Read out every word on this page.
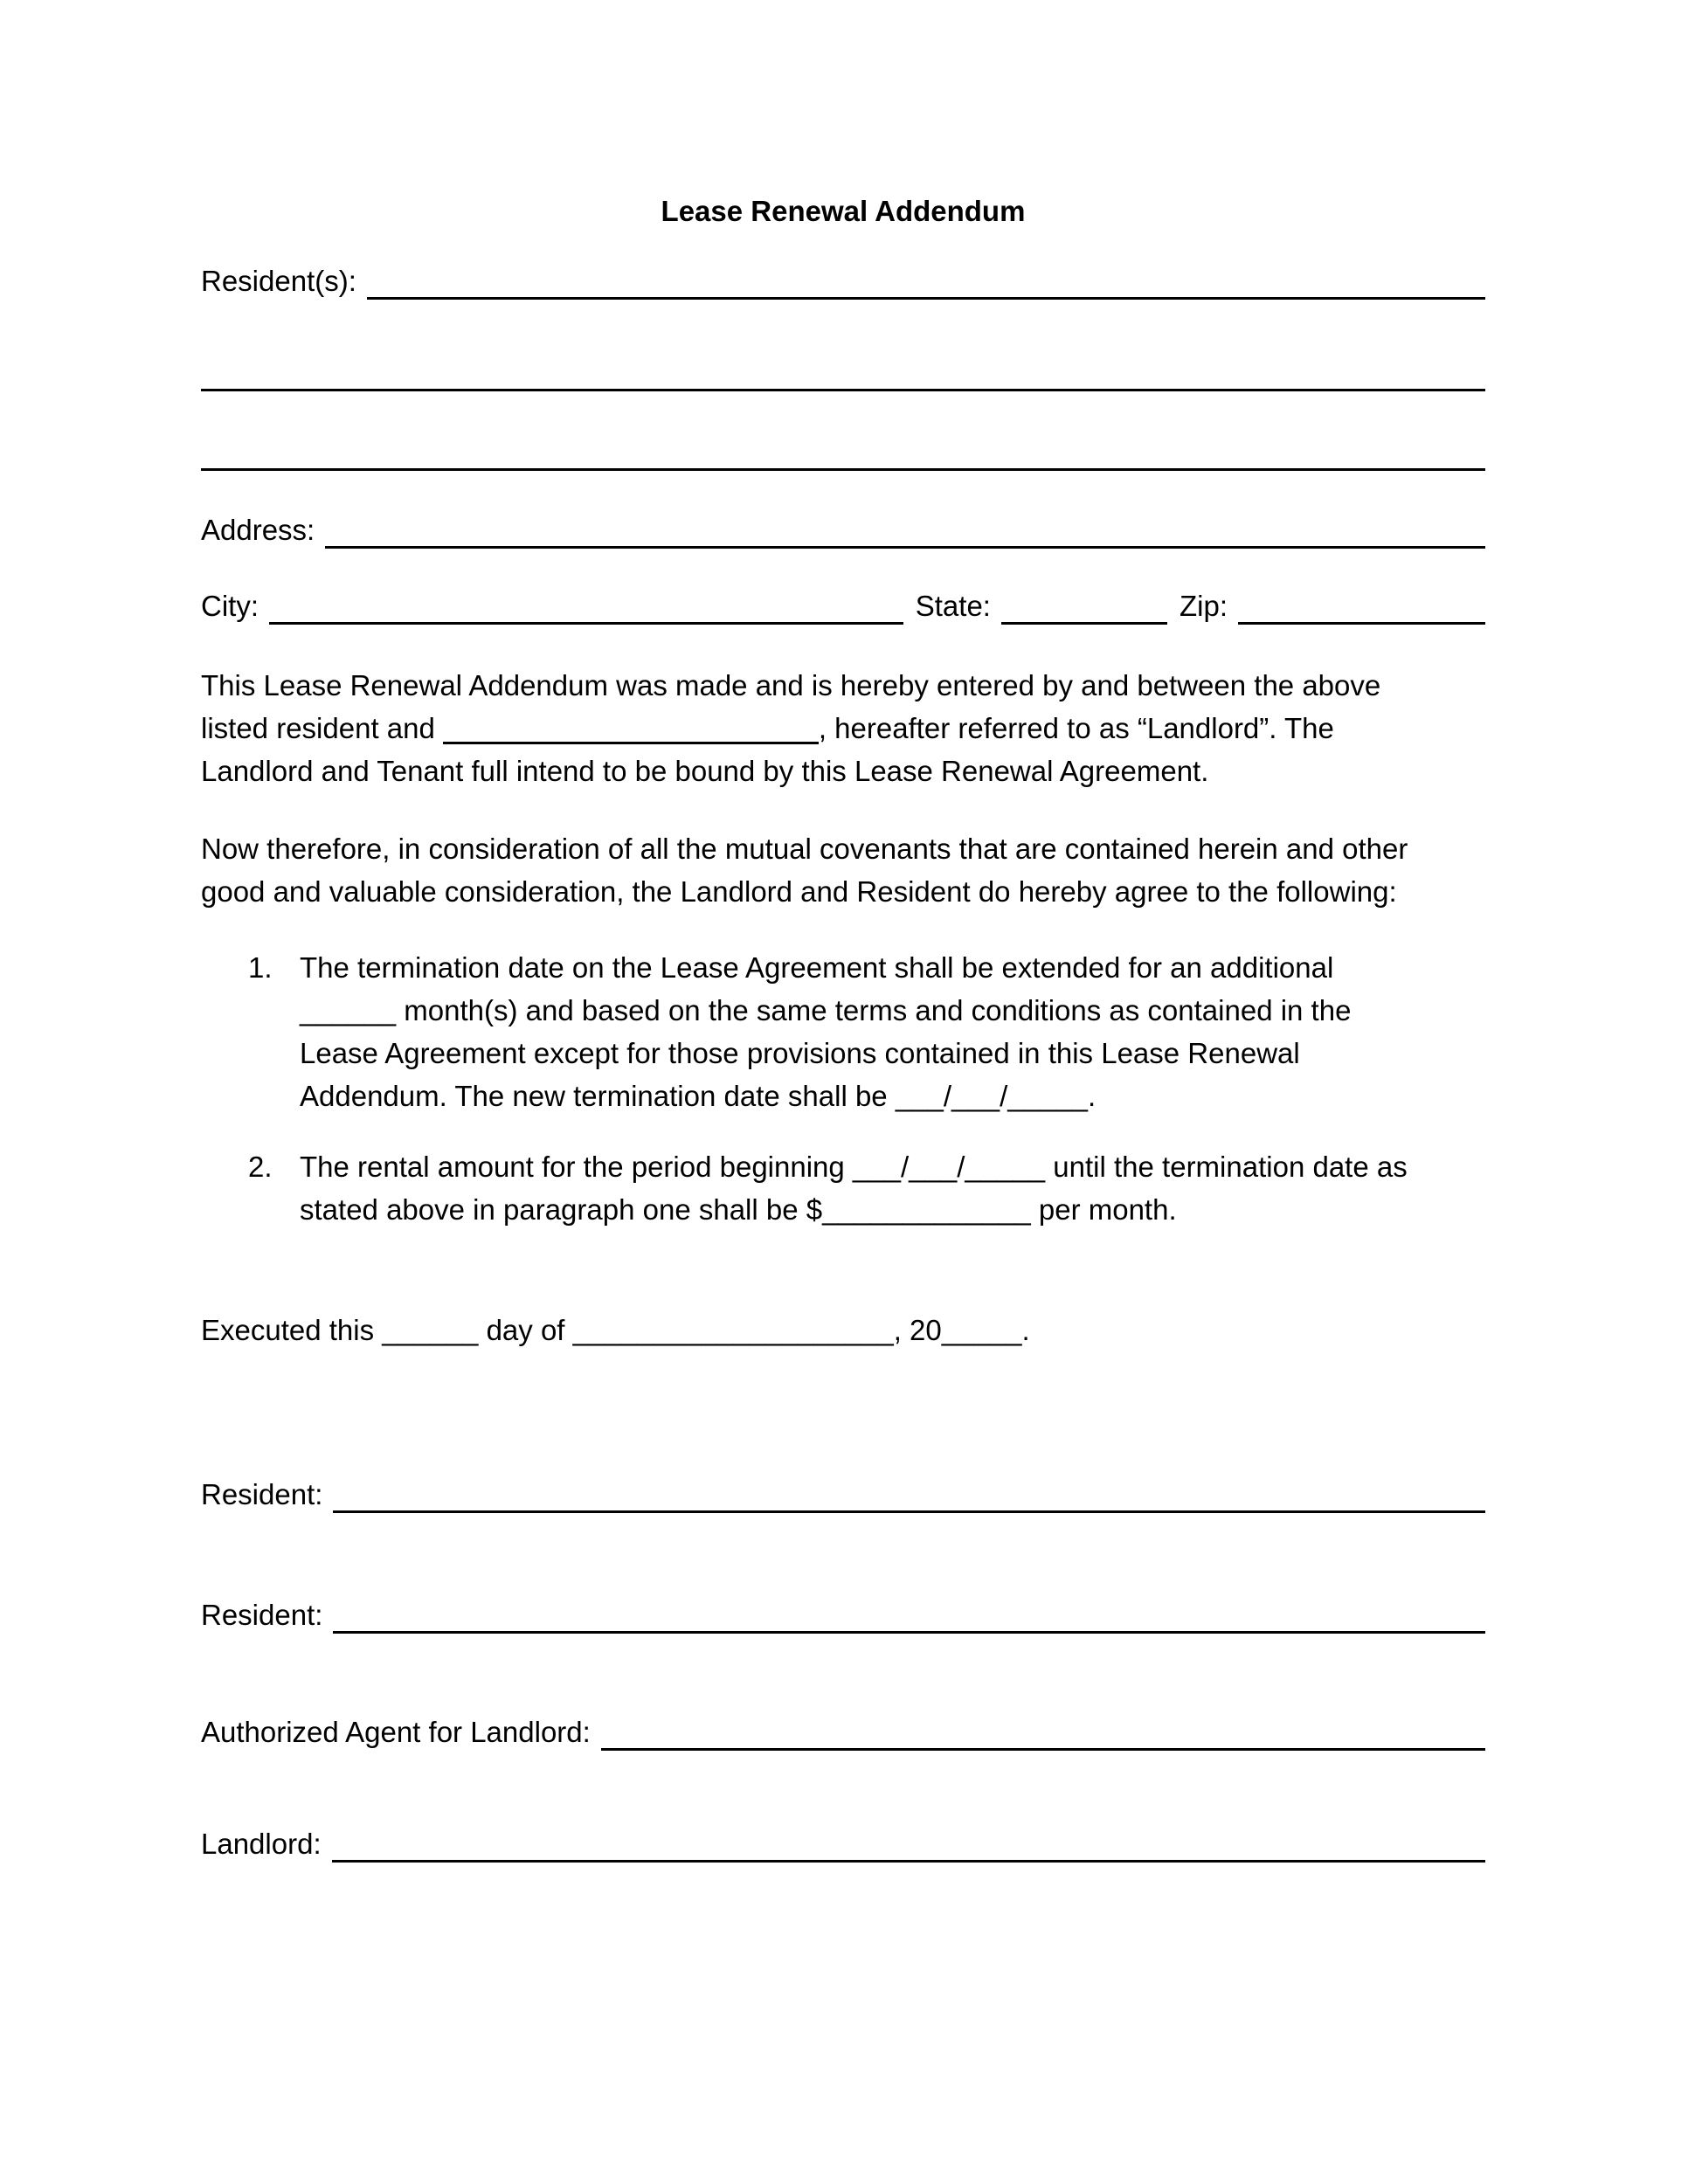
Lease Renewal Addendum
Resident(s):
Address:
City:	State:	Zip:
This Lease Renewal Addendum was made and is hereby entered by and between the above
listed resident and	, hereafter referred to as “Landlord”. The
Landlord and Tenant full intend to be bound by this Lease Renewal Agreement.
Now therefore, in consideration of all the mutual covenants that are contained herein and other
good and valuable consideration, the Landlord and Resident do hereby agree to the following:
1. The termination date on the Lease Agreement shall be extended for an additional
______ month(s) and based on the same terms and conditions as contained in the
Lease Agreement except for those provisions contained in this Lease Renewal
Addendum. The new termination date shall be ___/___/_____.
2. The rental amount for the period beginning ___/___/_____ until the termination date as
stated above in paragraph one shall be $_____________ per month.
Executed this ______ day of ____________________, 20_____.
Resident:
Resident:
Authorized Agent for Landlord:
Landlord:
